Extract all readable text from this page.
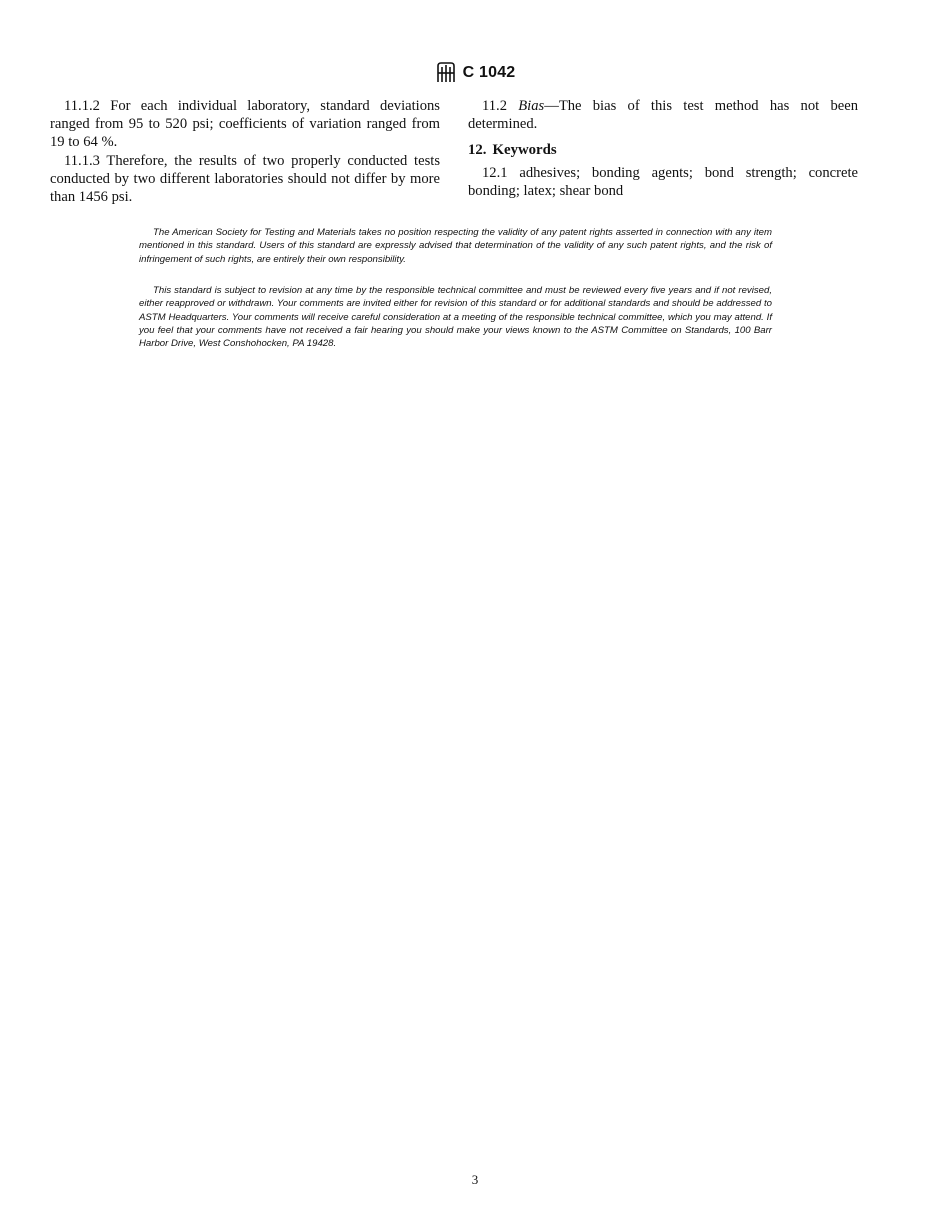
C 1042

11.1.2 For each individual laboratory, standard deviations ranged from 95 to 520 psi; coefficients of variation ranged from 19 to 64 %.

11.1.3 Therefore, the results of two properly conducted tests conducted by two different laboratories should not differ by more than 1456 psi.

11.2 Bias—The bias of this test method has not been determined.

12. Keywords

12.1 adhesives; bonding agents; bond strength; concrete bonding; latex; shear bond

The American Society for Testing and Materials takes no position respecting the validity of any patent rights asserted in connection with any item mentioned in this standard. Users of this standard are expressly advised that determination of the validity of any such patent rights, and the risk of infringement of such rights, are entirely their own responsibility.

This standard is subject to revision at any time by the responsible technical committee and must be reviewed every five years and if not revised, either reapproved or withdrawn. Your comments are invited either for revision of this standard or for additional standards and should be addressed to ASTM Headquarters. Your comments will receive careful consideration at a meeting of the responsible technical committee, which you may attend. If you feel that your comments have not received a fair hearing you should make your views known to the ASTM Committee on Standards, 100 Barr Harbor Drive, West Conshohocken, PA 19428.

3
